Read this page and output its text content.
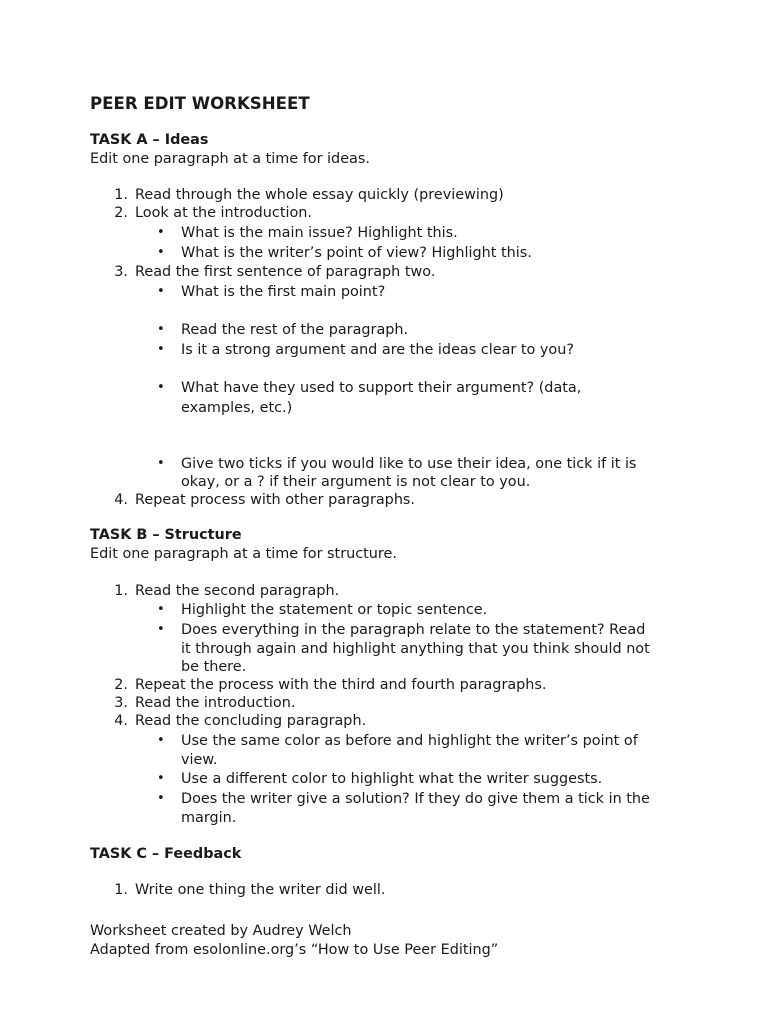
PEER EDIT WORKSHEET
TASK A – Ideas
Edit one paragraph at a time for ideas.
1. Read through the whole essay quickly (previewing)
2. Look at the introduction.
• What is the main issue? Highlight this.
• What is the writer’s point of view? Highlight this.
3. Read the first sentence of paragraph two.
• What is the first main point?
• Read the rest of the paragraph.
• Is it a strong argument and are the ideas clear to you?
• What have they used to support their argument? (data,
examples, etc.)
• Give two ticks if you would like to use their idea, one tick if it is
okay, or a ? if their argument is not clear to you.
4. Repeat process with other paragraphs.
TASK B – Structure
Edit one paragraph at a time for structure.
1. Read the second paragraph.
• Highlight the statement or topic sentence.
• Does everything in the paragraph relate to the statement? Read
it through again and highlight anything that you think should not
be there.
2. Repeat the process with the third and fourth paragraphs.
3. Read the introduction.
4. Read the concluding paragraph.
• Use the same color as before and highlight the writer’s point of
view.
• Use a different color to highlight what the writer suggests.
• Does the writer give a solution? If they do give them a tick in the
margin.
TASK C – Feedback
1. Write one thing the writer did well.
Worksheet created by Audrey Welch
Adapted from esolonline.org’s “How to Use Peer Editing”
